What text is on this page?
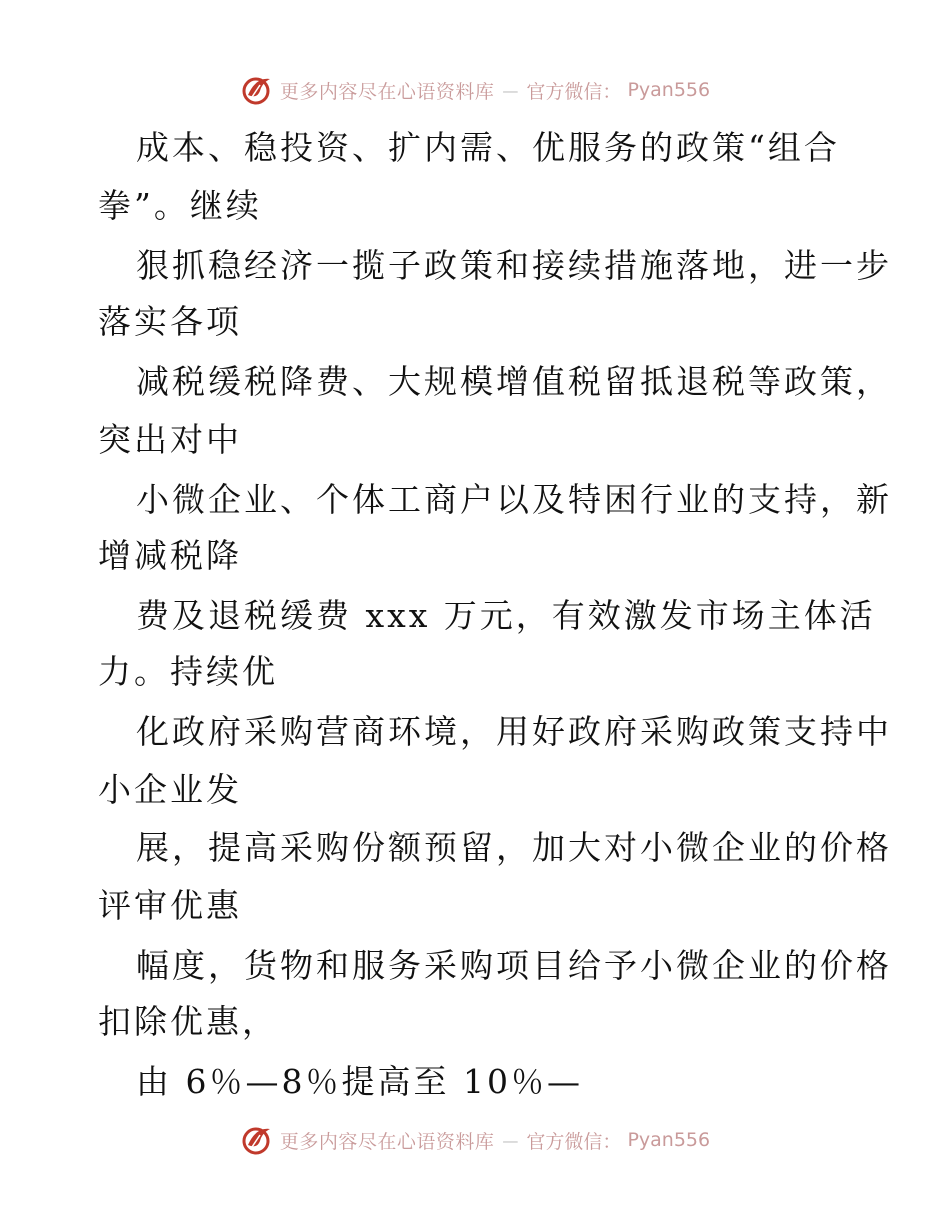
更多内容尽在心语资料库 — 官方微信： Pyan556
成本、稳投资、扩内需、优服务的政策“组合
拳”。继续
狠抓稳经济一揽子政策和接续措施落地，进一步
落实各项
减税缓税降费、大规模增值税留抵退税等政策，
突出对中
小微企业、个体工商户以及特困行业的支持，新
增减税降
费及退税缓费 xxx 万元，有效激发市场主体活
力。持续优
化政府采购营商环境，用好政府采购政策支持中
小企业发
展，提高采购份额预留，加大对小微企业的价格
评审优惠
幅度，货物和服务采购项目给予小微企业的价格
扣除优惠，
由 6％—8％提高至 10％—
更多内容尽在心语资料库 — 官方微信： Pyan556
